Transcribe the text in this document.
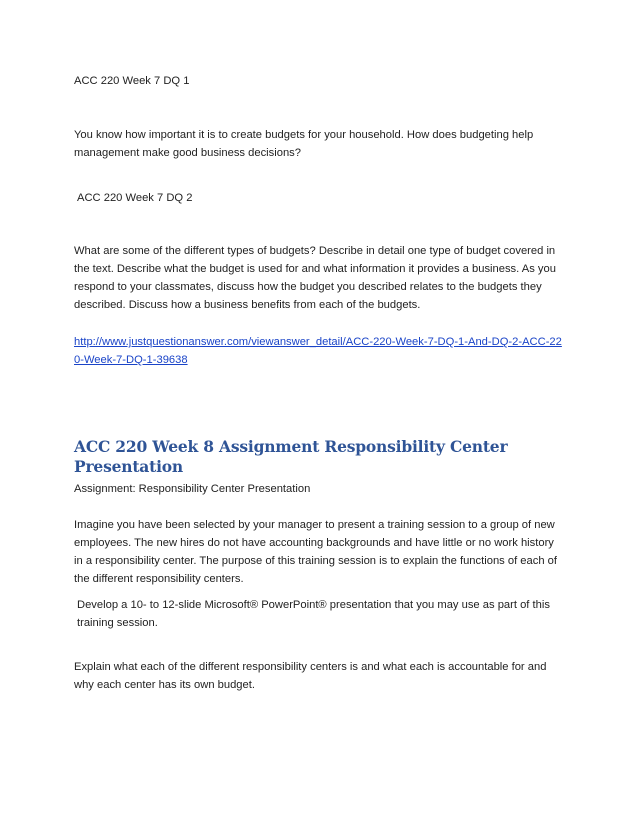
ACC 220 Week 7 DQ 1

You know how important it is to create budgets for your household. How does budgeting help management make good business decisions?

ACC 220 Week 7 DQ 2

What are some of the different types of budgets? Describe in detail one type of budget covered in the text. Describe what the budget is used for and what information it provides a business. As you respond to your classmates, discuss how the budget you described relates to the budgets they described. Discuss how a business benefits from each of the budgets.

http://www.justquestionanswer.com/viewanswer_detail/ACC-220-Week-7-DQ-1-And-DQ-2-ACC-220-Week-7-DQ-1-39638

ACC 220 Week 8 Assignment Responsibility Center Presentation

Assignment: Responsibility Center Presentation

Imagine you have been selected by your manager to present a training session to a group of new employees. The new hires do not have accounting backgrounds and have little or no work history in a responsibility center. The purpose of this training session is to explain the functions of each of the different responsibility centers.

Develop a 10- to 12-slide Microsoft® PowerPoint® presentation that you may use as part of this training session.

Explain what each of the different responsibility centers is and what each is accountable for and why each center has its own budget.
